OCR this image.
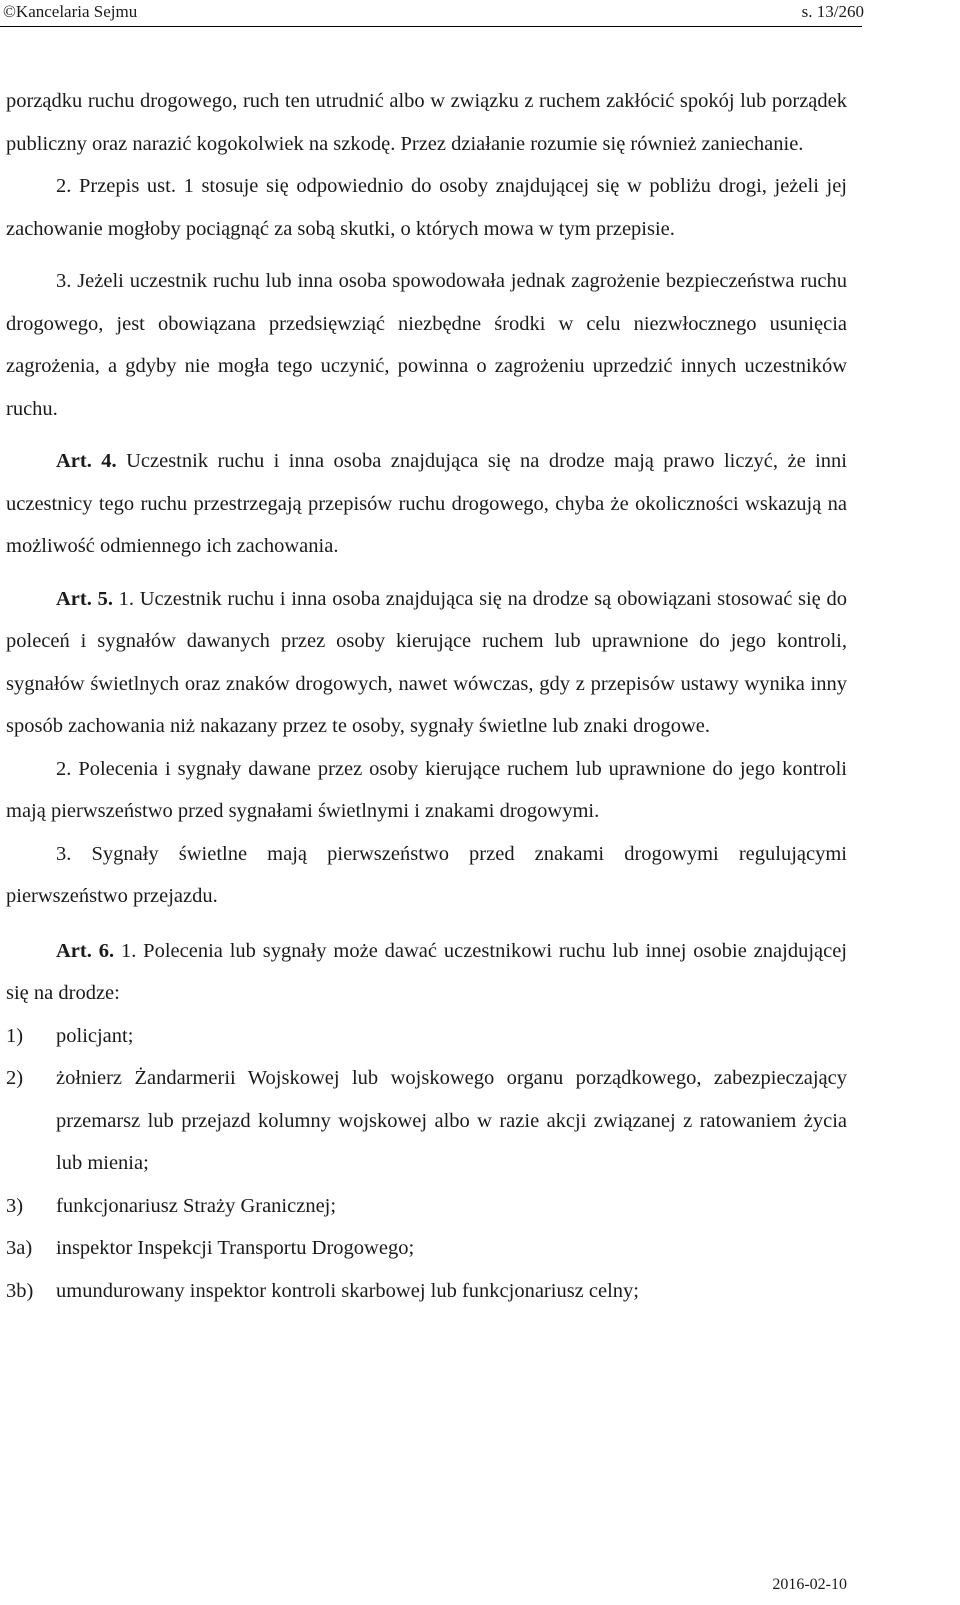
©Kancelaria Sejmu	s. 13/260

porządku ruchu drogowego, ruch ten utrudnić albo w związku z ruchem zakłócić spokój lub porządek publiczny oraz narazić kogokolwiek na szkodę. Przez działanie rozumie się również zaniechanie.

2. Przepis ust. 1 stosuje się odpowiednio do osoby znajdującej się w pobliżu drogi, jeżeli jej zachowanie mogłoby pociągnąć za sobą skutki, o których mowa w tym przepisie.

3. Jeżeli uczestnik ruchu lub inna osoba spowodowała jednak zagrożenie bezpieczeństwa ruchu drogowego, jest obowiązana przedsięwziąć niezbędne środki w celu niezwłocznego usunięcia zagrożenia, a gdyby nie mogła tego uczynić, powinna o zagrożeniu uprzedzić innych uczestników ruchu.

Art. 4. Uczestnik ruchu i inna osoba znajdująca się na drodze mają prawo liczyć, że inni uczestnicy tego ruchu przestrzegają przepisów ruchu drogowego, chyba że okoliczności wskazują na możliwość odmiennego ich zachowania.

Art. 5. 1. Uczestnik ruchu i inna osoba znajdująca się na drodze są obowiązani stosować się do poleceń i sygnałów dawanych przez osoby kierujące ruchem lub uprawnione do jego kontroli, sygnałów świetlnych oraz znaków drogowych, nawet wówczas, gdy z przepisów ustawy wynika inny sposób zachowania niż nakazany przez te osoby, sygnały świetlne lub znaki drogowe.

2. Polecenia i sygnały dawane przez osoby kierujące ruchem lub uprawnione do jego kontroli mają pierwszeństwo przed sygnałami świetlnymi i znakami drogowymi.

3. Sygnały świetlne mają pierwszeństwo przed znakami drogowymi regulującymi pierwszeństwo przejazdu.

Art. 6. 1. Polecenia lub sygnały może dawać uczestnikowi ruchu lub innej osobie znajdującej się na drodze:

1)	policjant;
2)	żołnierz Żandarmerii Wojskowej lub wojskowego organu porządkowego, zabezpieczający przemarsz lub przejazd kolumny wojskowej albo w razie akcji związanej z ratowaniem życia lub mienia;
3)	funkcjonariusz Straży Granicznej;
3a)	inspektor Inspekcji Transportu Drogowego;
3b)	umundurowany inspektor kontroli skarbowej lub funkcjonariusz celny;
2016-02-10
